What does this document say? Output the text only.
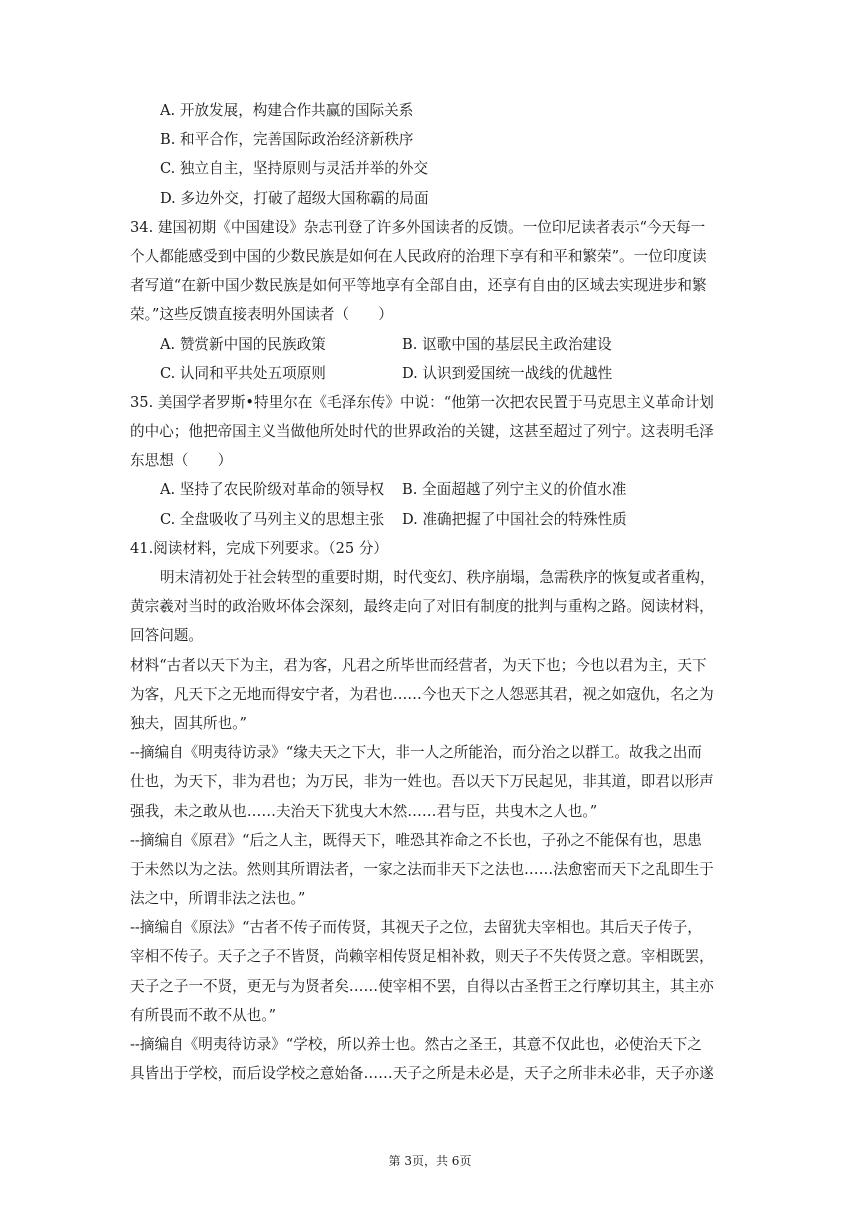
A. 开放发展，构建合作共赢的国际关系
B. 和平合作，完善国际政治经济新秩序
C. 独立自主，坚持原则与灵活并举的外交
D. 多边外交，打破了超级大国称霸的局面
34. 建国初期《中国建设》杂志刊登了许多外国读者的反馈。一位印尼读者表示“今天每一
个人都能感受到中国的少数民族是如何在人民政府的治理下享有和平和繁荣”。一位印度读
者写道“在新中国少数民族是如何平等地享有全部自由，还享有自由的区域去实现进步和繁
荣。”这些反馈直接表明外国读者（　　）
A. 赞赏新中国的民族政策	B. 讴歌中国的基层民主政治建设
C. 认同和平共处五项原则	D. 认识到爱国统一战线的优越性
35. 美国学者罗斯•特里尔在《毛泽东传》中说：“他第一次把农民置于马克思主义革命计划
的中心；他把帝国主义当做他所处时代的世界政治的关键，这甚至超过了列宁。这表明毛泽
东思想（　　）
A. 坚持了农民阶级对革命的领导权	B. 全面超越了列宁主义的价值水准
C. 全盘吸收了马列主义的思想主张	D. 准确把握了中国社会的特殊性质
41.阅读材料，完成下列要求。（25 分）
明末清初处于社会转型的重要时期，时代变幻、秩序崩塌，急需秩序的恢复或者重构，
黄宗羲对当时的政治败坏体会深刻，最终走向了对旧有制度的批判与重构之路。阅读材料，
回答问题。
材料“古者以天下为主，君为客，凡君之所毕世而经营者，为天下也；今也以君为主，天下
为客，凡天下之无地而得安宁者，为君也……今也天下之人怨恶其君，视之如寇仇，名之为
独夫，固其所也。”
--摘编自《明夷待访录》“缘夫天之下大，非一人之所能治，而分治之以群工。故我之出而
仕也，为天下，非为君也；为万民，非为一姓也。吾以天下万民起见，非其道，即君以形声
强我，未之敢从也……夫治天下犹曳大木然……君与臣，共曳木之人也。”
--摘编自《原君》“后之人主，既得天下，唯恐其祚命之不长也，子孙之不能保有也，思患
于未然以为之法。然则其所谓法者，一家之法而非天下之法也……法愈密而天下之乱即生于
法之中，所谓非法之法也。”
--摘编自《原法》“古者不传子而传贤，其视天子之位，去留犹夫宰相也。其后天子传子，
宰相不传子。天子之子不皆贤，尚赖宰相传贤足相补救，则天子不失传贤之意。宰相既罢，
天子之子一不贤，更无与为贤者矣……使宰相不罢，自得以古圣哲王之行摩切其主，其主亦
有所畏而不敢不从也。”
--摘编自《明夷待访录》“学校，所以养士也。然古之圣王，其意不仅此也，必使治天下之
具皆出于学校，而后设学校之意始备……天子之所是未必是，天子之所非未必非，天子亦遂
第 3页，共 6页
